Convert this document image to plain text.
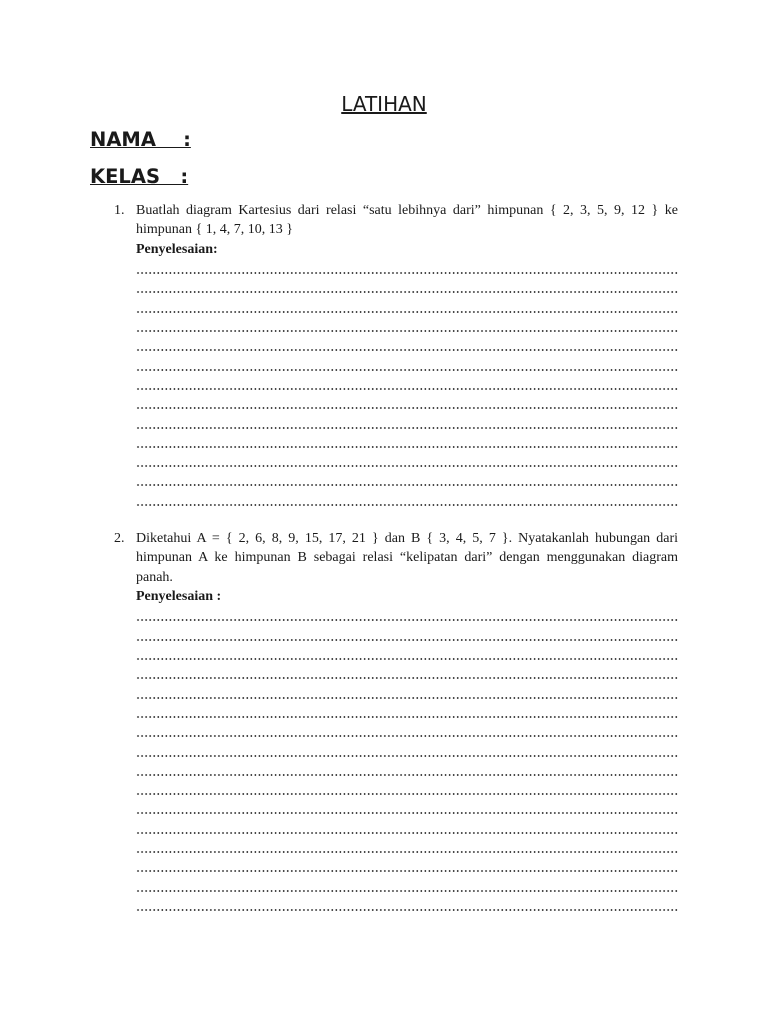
LATIHAN
NAMA    :
KELAS   :
1. Buatlah diagram Kartesius dari relasi “satu lebihnya dari” himpunan { 2, 3, 5, 9, 12 } ke himpunan { 1, 4, 7, 10, 13 }
Penyelesaian:
2. Diketahui A = { 2, 6, 8, 9, 15, 17, 21 } dan B { 3, 4, 5, 7 }. Nyatakanlah hubungan dari himpunan A ke himpunan B sebagai relasi “kelipatan dari” dengan menggunakan diagram panah.
Penyelesaian :
